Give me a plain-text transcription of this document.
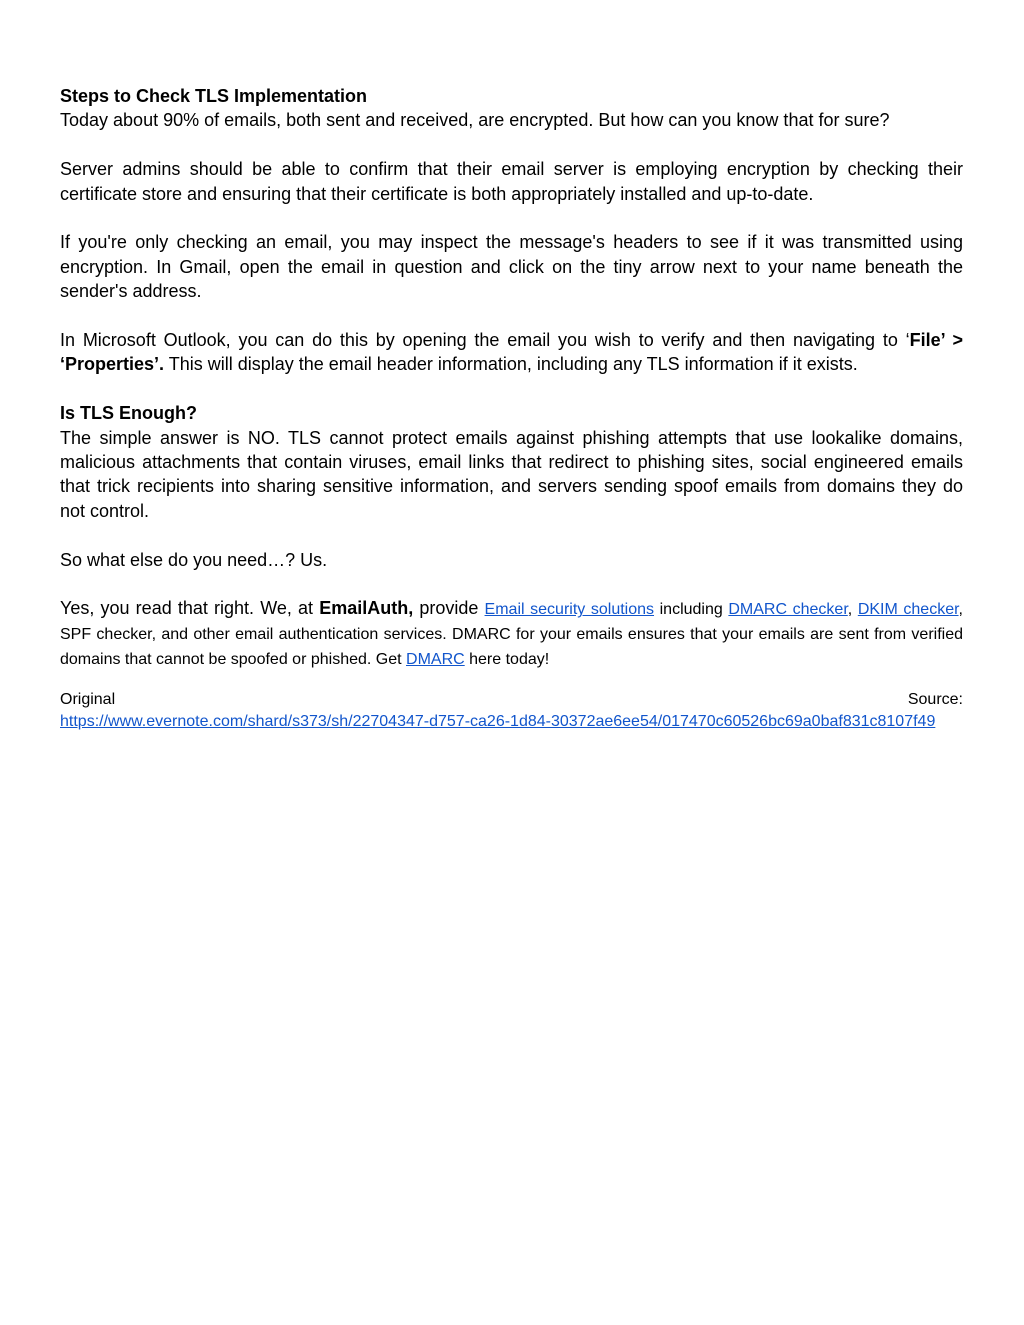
Steps to Check TLS Implementation

Today about 90% of emails, both sent and received, are encrypted. But how can you know that for sure?

Server admins should be able to confirm that their email server is employing encryption by checking their certificate store and ensuring that their certificate is both appropriately installed and up-to-date.

If you're only checking an email, you may inspect the message's headers to see if it was transmitted using encryption. In Gmail, open the email in question and click on the tiny arrow next to your name beneath the sender's address.

In Microsoft Outlook, you can do this by opening the email you wish to verify and then navigating to ‘File’ > ‘Properties’. This will display the email header information, including any TLS information if it exists.

Is TLS Enough?

The simple answer is NO. TLS cannot protect emails against phishing attempts that use lookalike domains, malicious attachments that contain viruses, email links that redirect to phishing sites, social engineered emails that trick recipients into sharing sensitive information, and servers sending spoof emails from domains they do not control.

So what else do you need…? Us.

Yes, you read that right. We, at EmailAuth, provide Email security solutions including DMARC checker, DKIM checker, SPF checker, and other email authentication services. DMARC for your emails ensures that your emails are sent from verified domains that cannot be spoofed or phished. Get DMARC here today!

Original	Source:

https://www.evernote.com/shard/s373/sh/22704347-d757-ca26-1d84-30372ae6ee54/017470c60526bc69a0baf831c8107f49
